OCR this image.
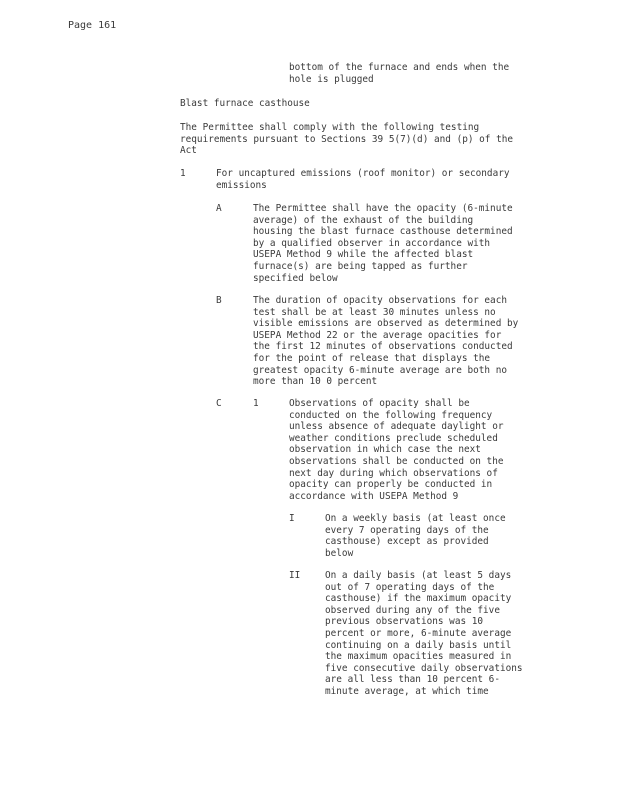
Page 161
bottom of the furnace and ends when the
hole is plugged
Blast furnace casthouse
The Permittee shall comply with the following testing
requirements pursuant to Sections 39 5(7)(d) and (p) of the
Act
1	For uncaptured emissions (roof monitor) or secondary
emissions
A	The Permittee shall have the opacity (6-minute
average) of the exhaust of the building
housing the blast furnace casthouse determined
by a qualified observer in accordance with
USEPA Method 9 while the affected blast
furnace(s) are being tapped as further
specified below
B	The duration of opacity observations for each
test shall be at least 30 minutes unless no
visible emissions are observed as determined by
USEPA Method 22 or the average opacities for
the first 12 minutes of observations conducted
for the point of release that displays the
greatest opacity 6-minute average are both no
more than 10 0 percent
C	1	Observations of opacity shall be
conducted on the following frequency
unless absence of adequate daylight or
weather conditions preclude scheduled
observation in which case the next
observations shall be conducted on the
next day during which observations of
opacity can properly be conducted in
accordance with USEPA Method 9
I	On a weekly basis (at least once
every 7 operating days of the
casthouse) except as provided
below
II	On a daily basis (at least 5 days
out of 7 operating days of the
casthouse) if the maximum opacity
observed during any of the five
previous observations was 10
percent or more, 6-minute average
continuing on a daily basis until
the maximum opacities measured in
five consecutive daily observations
are all less than 10 percent 6-
minute average, at which time
